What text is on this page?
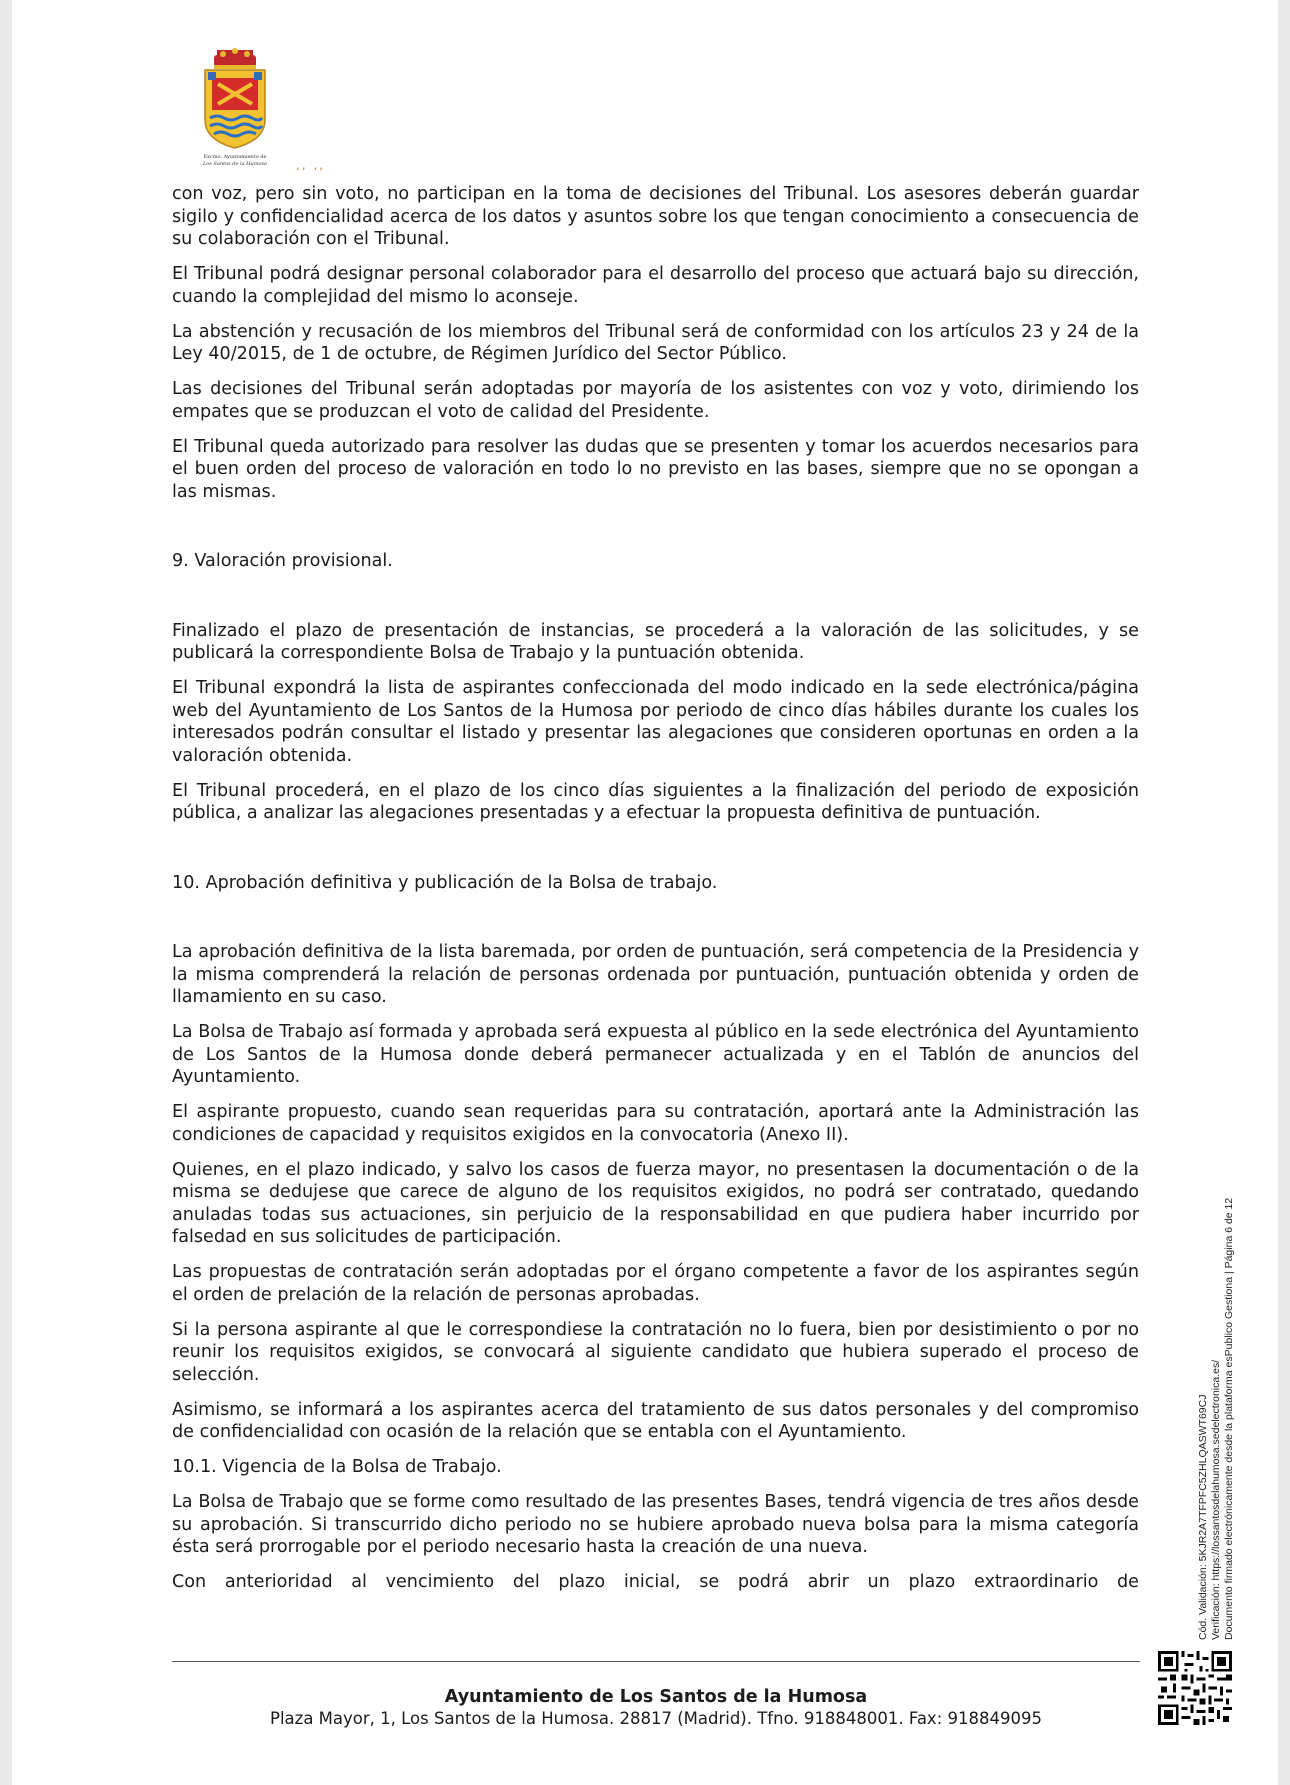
Excmo. Ayuntamiento de
Los Santos de la Humosa ,, ,,

con voz, pero sin voto, no participan en la toma de decisiones del Tribunal. Los asesores deberán guardar sigilo y confidencialidad acerca de los datos y asuntos sobre los que tengan conocimiento a consecuencia de su colaboración con el Tribunal.

El Tribunal podrá designar personal colaborador para el desarrollo del proceso que actuará bajo su dirección, cuando la complejidad del mismo lo aconseje.

La abstención y recusación de los miembros del Tribunal será de conformidad con los artículos 23 y 24 de la Ley 40/2015, de 1 de octubre, de Régimen Jurídico del Sector Público.

Las decisiones del Tribunal serán adoptadas por mayoría de los asistentes con voz y voto, dirimiendo los empates que se produzcan el voto de calidad del Presidente.

El Tribunal queda autorizado para resolver las dudas que se presenten y tomar los acuerdos necesarios para el buen orden del proceso de valoración en todo lo no previsto en las bases, siempre que no se opongan a las mismas.

9. Valoración provisional.

Finalizado el plazo de presentación de instancias, se procederá a la valoración de las solicitudes, y se publicará la correspondiente Bolsa de Trabajo y la puntuación obtenida.

El Tribunal expondrá la lista de aspirantes confeccionada del modo indicado en la sede electrónica/página web del Ayuntamiento de Los Santos de la Humosa por periodo de cinco días hábiles durante los cuales los interesados podrán consultar el listado y presentar las alegaciones que consideren oportunas en orden a la valoración obtenida.

El Tribunal procederá, en el plazo de los cinco días siguientes a la finalización del periodo de exposición pública, a analizar las alegaciones presentadas y a efectuar la propuesta definitiva de puntuación.

10. Aprobación definitiva y publicación de la Bolsa de trabajo.

La aprobación definitiva de la lista baremada, por orden de puntuación, será competencia de la Presidencia y la misma comprenderá la relación de personas ordenada por puntuación, puntuación obtenida y orden de llamamiento en su caso.

La Bolsa de Trabajo así formada y aprobada será expuesta al público en la sede electrónica del Ayuntamiento de Los Santos de la Humosa donde deberá permanecer actualizada y en el Tablón de anuncios del Ayuntamiento.

El aspirante propuesto, cuando sean requeridas para su contratación, aportará ante la Administración las condiciones de capacidad y requisitos exigidos en la convocatoria (Anexo II).

Quienes, en el plazo indicado, y salvo los casos de fuerza mayor, no presentasen la documentación o de la misma se dedujese que carece de alguno de los requisitos exigidos, no podrá ser contratado, quedando anuladas todas sus actuaciones, sin perjuicio de la responsabilidad en que pudiera haber incurrido por falsedad en sus solicitudes de participación.

Las propuestas de contratación serán adoptadas por el órgano competente a favor de los aspirantes según el orden de prelación de la relación de personas aprobadas.

Si la persona aspirante al que le correspondiese la contratación no lo fuera, bien por desistimiento o por no reunir los requisitos exigidos, se convocará al siguiente candidato que hubiera superado el proceso de selección.

Asimismo, se informará a los aspirantes acerca del tratamiento de sus datos personales y del compromiso de confidencialidad con ocasión de la relación que se entabla con el Ayuntamiento.

10.1. Vigencia de la Bolsa de Trabajo.

La Bolsa de Trabajo que se forme como resultado de las presentes Bases, tendrá vigencia de tres años desde su aprobación. Si transcurrido dicho periodo no se hubiere aprobado nueva bolsa para la misma categoría ésta será prorrogable por el periodo necesario hasta la creación de una nueva.

Con anterioridad al vencimiento del plazo inicial, se podrá abrir un plazo extraordinario de

Ayuntamiento de Los Santos de la Humosa
Plaza Mayor, 1, Los Santos de la Humosa. 28817 (Madrid). Tfno. 918848001. Fax: 918849095
Cód. Validación: 5KJR2A7TFPFC5ZHLQASWT69CJ Verificación: https://lossantosdelahumosa.sedelectronica.es/ Documento firmado electrónicamente desde la plataforma esPublico Gestiona | Página 6 de 12
